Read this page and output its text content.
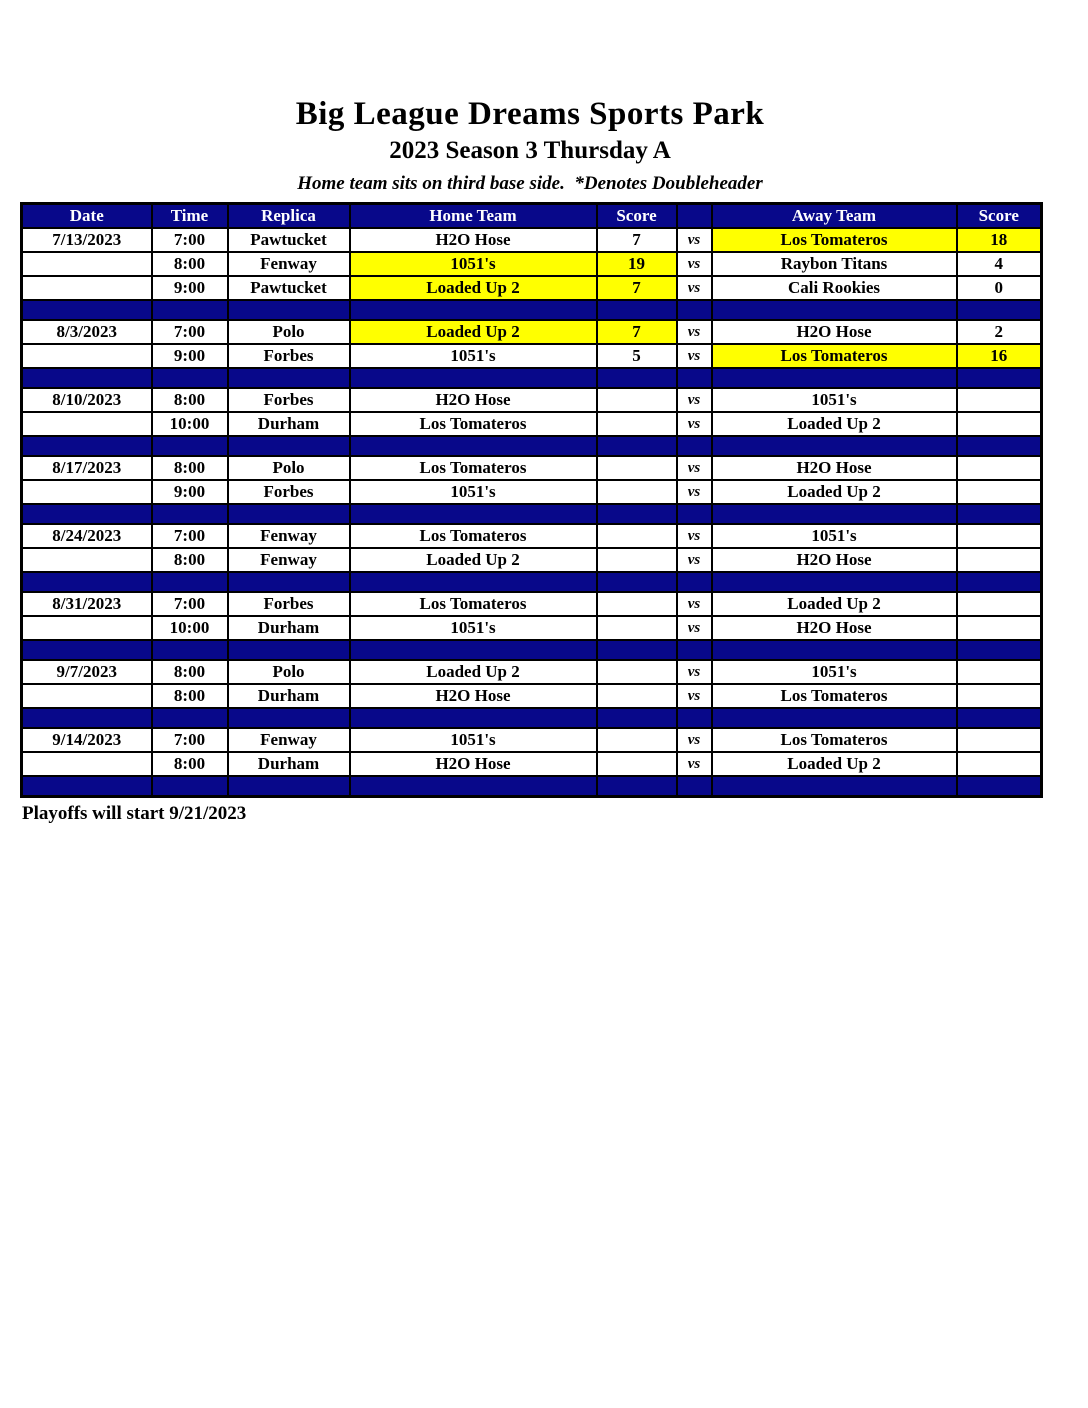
Big League Dreams Sports Park
2023 Season 3 Thursday A
Home team sits on third base side.  *Denotes Doubleheader
Date	Time	Replica	Home Team	Score		Away Team	Score
7/13/2023	7:00	Pawtucket	H2O Hose	7	vs	Los Tomateros	18
	8:00	Fenway	1051's	19	vs	Raybon Titans	4
	9:00	Pawtucket	Loaded Up 2	7	vs	Cali Rookies	0

8/3/2023	7:00	Polo	Loaded Up 2	7	vs	H2O Hose	2
	9:00	Forbes	1051's	5	vs	Los Tomateros	16

8/10/2023	8:00	Forbes	H2O Hose		vs	1051's	
	10:00	Durham	Los Tomateros		vs	Loaded Up 2	

8/17/2023	8:00	Polo	Los Tomateros		vs	H2O Hose	
	9:00	Forbes	1051's		vs	Loaded Up 2	

8/24/2023	7:00	Fenway	Los Tomateros		vs	1051's	
	8:00	Fenway	Loaded Up 2		vs	H2O Hose	

8/31/2023	7:00	Forbes	Los Tomateros		vs	Loaded Up 2	
	10:00	Durham	1051's		vs	H2O Hose	

9/7/2023	8:00	Polo	Loaded Up 2		vs	1051's	
	8:00	Durham	H2O Hose		vs	Los Tomateros	

9/14/2023	7:00	Fenway	1051's		vs	Los Tomateros	
	8:00	Durham	H2O Hose		vs	Loaded Up 2	

Playoffs will start 9/21/2023
